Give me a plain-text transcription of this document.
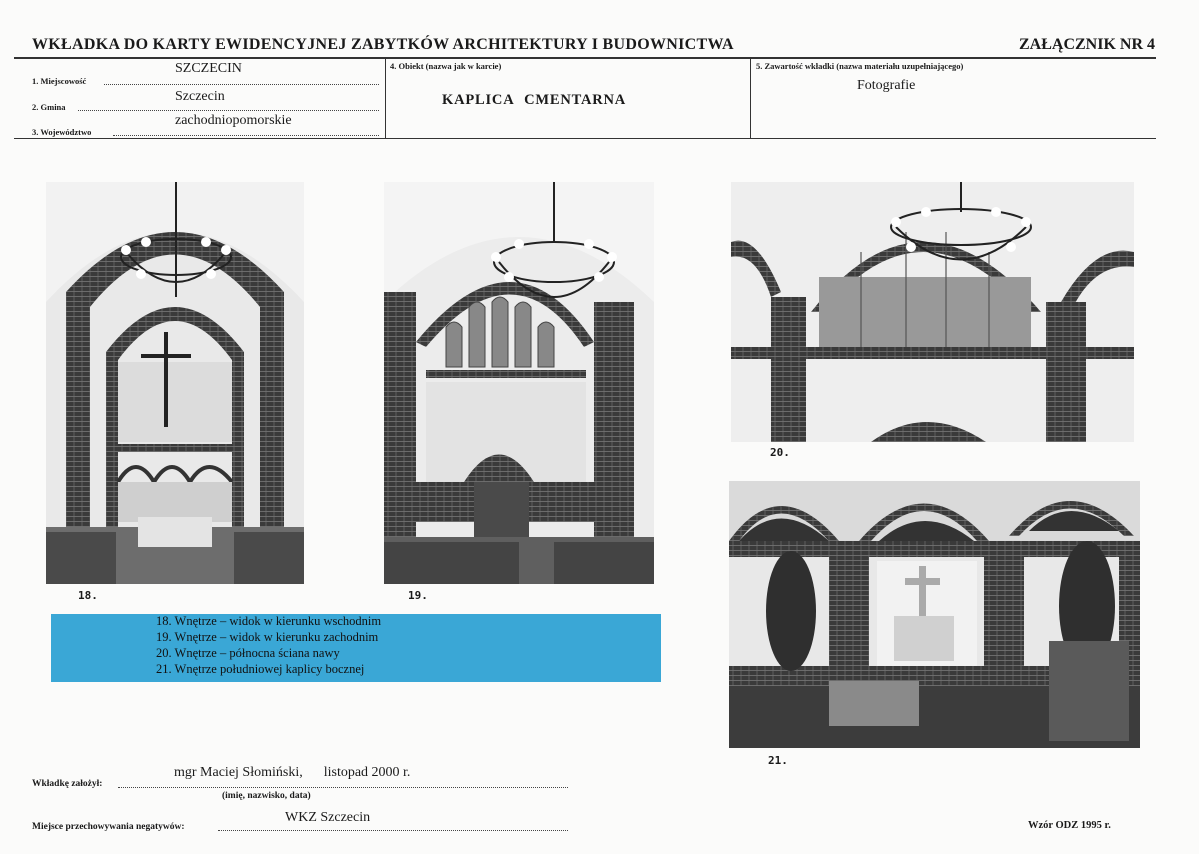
WKŁADKA DO KARTY EWIDENCYJNEJ ZABYTKÓW ARCHITEKTURY I BUDOWNICTWA	ZAŁĄCZNIK NR 4
1. Miejscowość
SZCZECIN
2. Gmina
Szczecin
3. Województwo
zachodniopomorskie
4. Obiekt (nazwa jak w karcie)
KAPLICA CMENTARNA
5. Zawartość wkładki (nazwa materiału uzupełniającego)
Fotografie
18.	19.
20.
21.
18. Wnętrze – widok w kierunku wschodnim
19. Wnętrze – widok w kierunku zachodnim
20. Wnętrze – północna ściana nawy
21. Wnętrze południowej kaplicy bocznej
Wkładkę założył:
mgr Maciej Słomiński,      listopad 2000 r.
(imię, nazwisko, data)
Miejsce przechowywania negatywów:
WKZ Szczecin
Wzór ODZ 1995 r.
